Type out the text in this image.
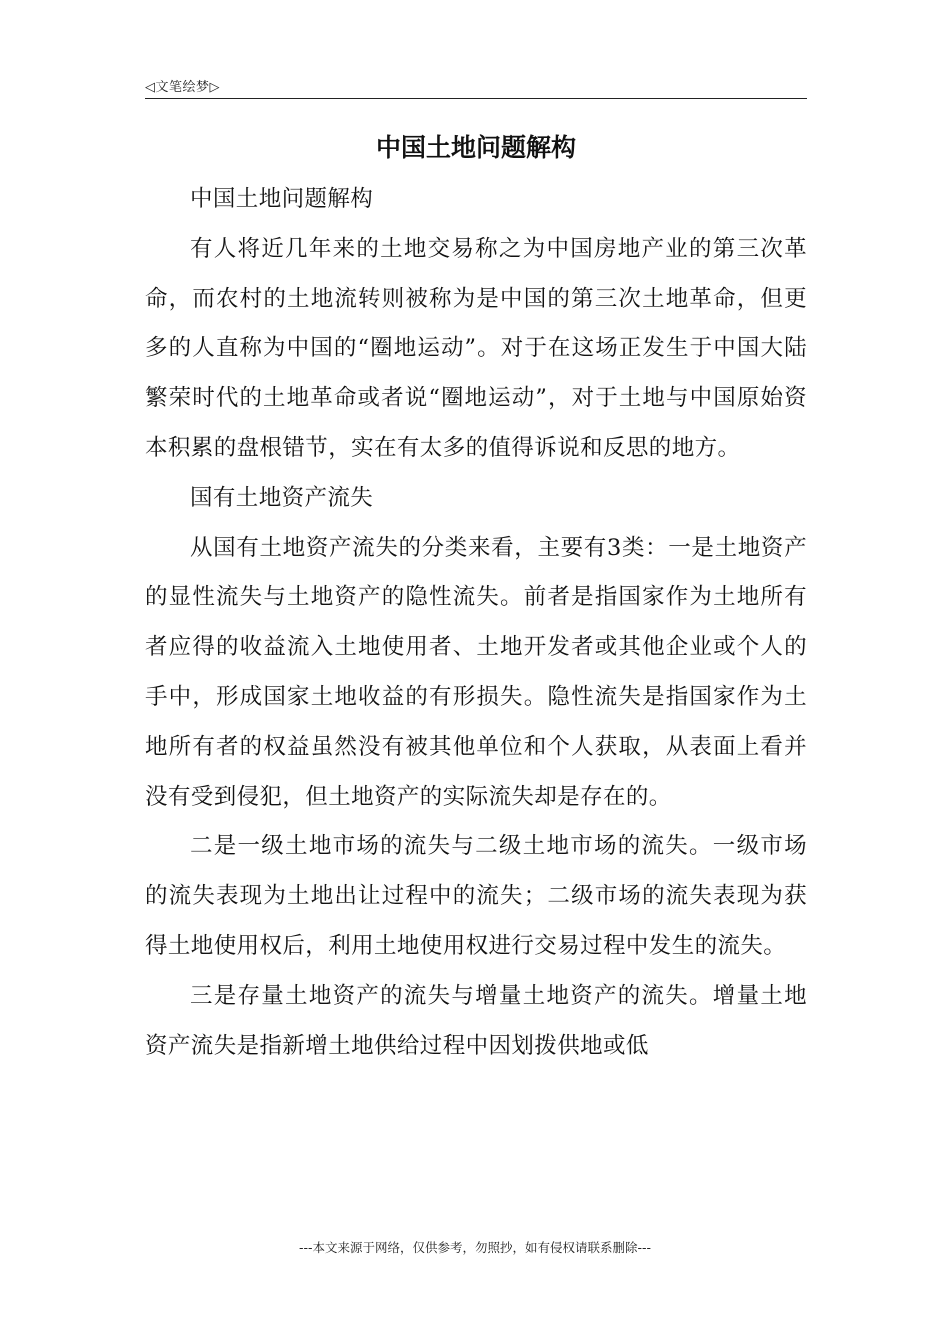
◁文笔绘梦▷
中国土地问题解构

中国土地问题解构

有人将近几年来的土地交易称之为中国房地产业的第三次革命，而农村的土地流转则被称为是中国的第三次土地革命，但更多的人直称为中国的“圈地运动”。对于在这场正发生于中国大陆繁荣时代的土地革命或者说“圈地运动”，对于土地与中国原始资本积累的盘根错节，实在有太多的值得诉说和反思的地方。

国有土地资产流失

从国有土地资产流失的分类来看，主要有3类：一是土地资产的显性流失与土地资产的隐性流失。前者是指国家作为土地所有者应得的收益流入土地使用者、土地开发者或其他企业或个人的手中，形成国家土地收益的有形损失。隐性流失是指国家作为土地所有者的权益虽然没有被其他单位和个人获取，从表面上看并没有受到侵犯，但土地资产的实际流失却是存在的。

二是一级土地市场的流失与二级土地市场的流失。一级市场的流失表现为土地出让过程中的流失；二级市场的流失表现为获得土地使用权后，利用土地使用权进行交易过程中发生的流失。

三是存量土地资产的流失与增量土地资产的流失。增量土地资产流失是指新增土地供给过程中因划拨供地或低

---本文来源于网络，仅供参考，勿照抄，如有侵权请联系删除---
